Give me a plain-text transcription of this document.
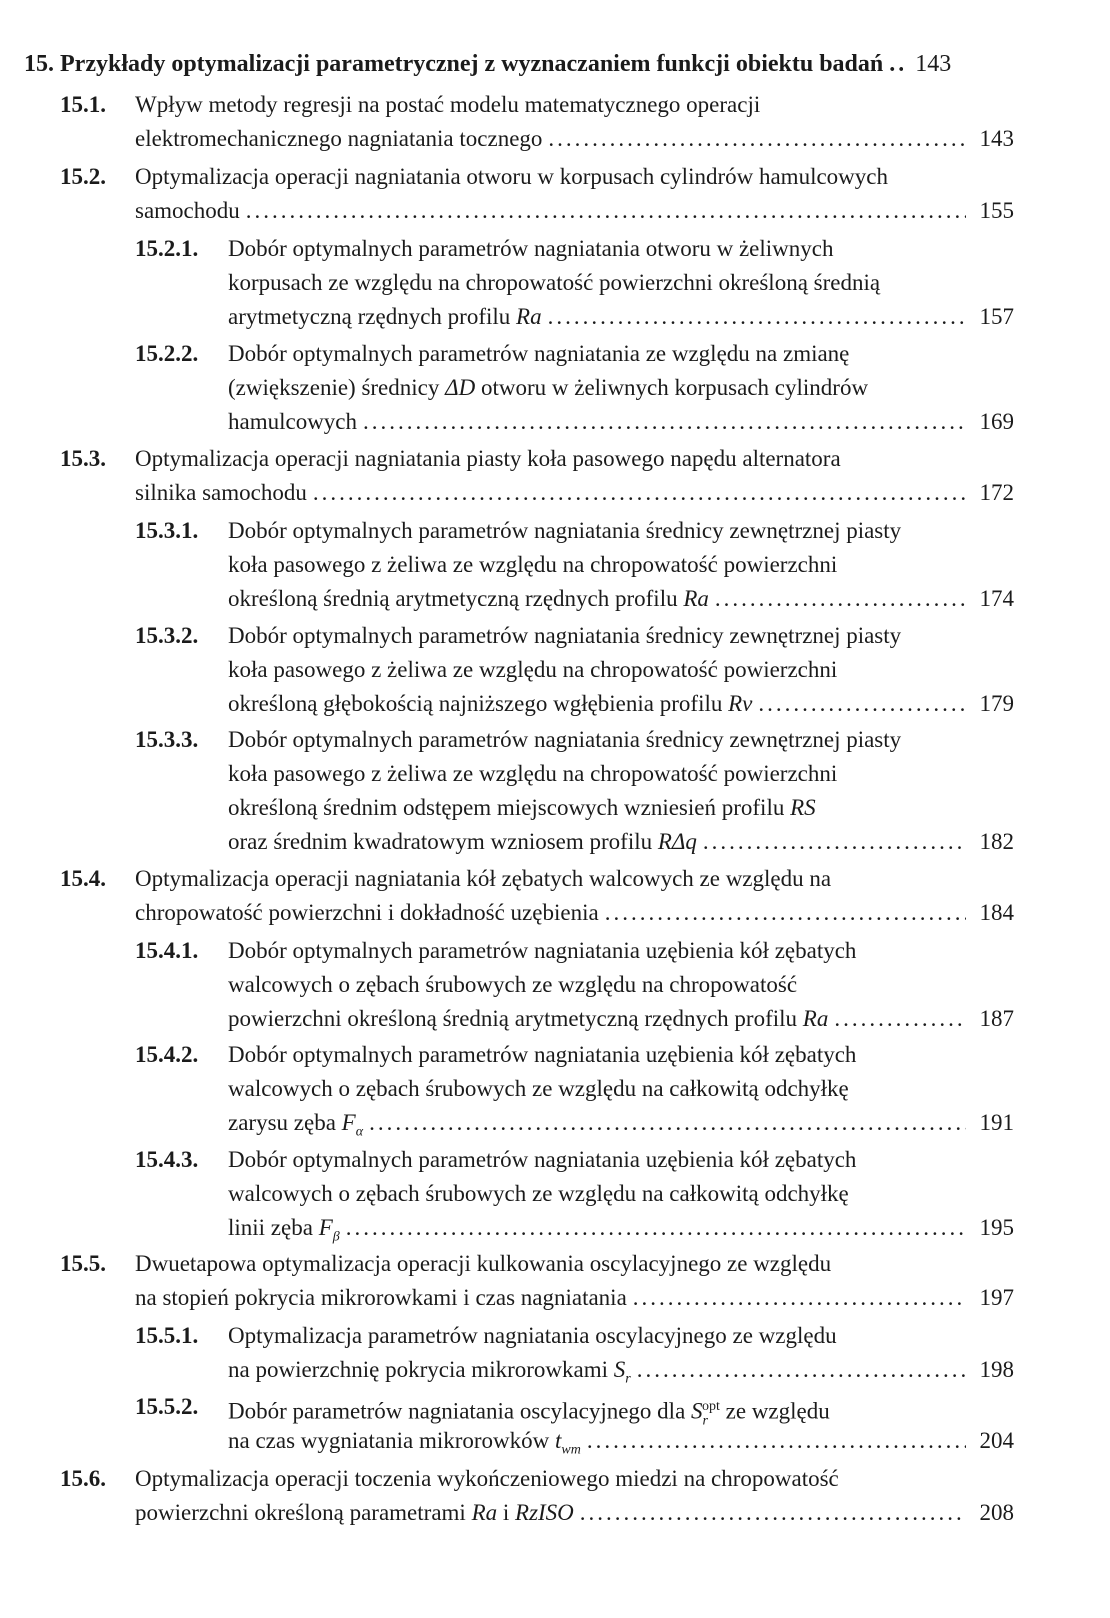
15. Przykłady optymalizacji parametrycznej z wyznaczaniem funkcji obiektu badań ..... 143
15.1. Wpływ metody regresji na postać modelu matematycznego operacji
elektromechanicznego nagniatania tocznego .....	143
15.2. Optymalizacja operacji nagniatania otworu w korpusach cylindrów hamulcowych
samochodu .....	155
15.2.1. Dobór optymalnych parametrów nagniatania otworu w żeliwnych
korpusach ze względu na chropowatość powierzchni określoną średnią
arytmetyczną rzędnych profilu Ra .....	157
15.2.2. Dobór optymalnych parametrów nagniatania ze względu na zmianę
(zwiększenie) średnicy ΔD otworu w żeliwnych korpusach cylindrów
hamulcowych .....	169
15.3. Optymalizacja operacji nagniatania piasty koła pasowego napędu alternatora
silnika samochodu .....	172
15.3.1. Dobór optymalnych parametrów nagniatania średnicy zewnętrznej piasty
koła pasowego z żeliwa ze względu na chropowatość powierzchni
określoną średnią arytmetyczną rzędnych profilu Ra .....	174
15.3.2. Dobór optymalnych parametrów nagniatania średnicy zewnętrznej piasty
koła pasowego z żeliwa ze względu na chropowatość powierzchni
określoną głębokością najniższego wgłębienia profilu Rv .....	179
15.3.3. Dobór optymalnych parametrów nagniatania średnicy zewnętrznej piasty
koła pasowego z żeliwa ze względu na chropowatość powierzchni
określoną średnim odstępem miejscowych wzniesień profilu RS
oraz średnim kwadratowym wzniosem profilu RΔq .....	182
15.4. Optymalizacja operacji nagniatania kół zębatych walcowych ze względu na
chropowatość powierzchni i dokładność uzębienia .....	184
15.4.1. Dobór optymalnych parametrów nagniatania uzębienia kół zębatych
walcowych o zębach śrubowych ze względu na chropowatość
powierzchni określoną średnią arytmetyczną rzędnych profilu Ra .....	187
15.4.2. Dobór optymalnych parametrów nagniatania uzębienia kół zębatych
walcowych o zębach śrubowych ze względu na całkowitą odchyłkę
zarysu zęba $F_\alpha$ .....	191
15.4.3. Dobór optymalnych parametrów nagniatania uzębienia kół zębatych
walcowych o zębach śrubowych ze względu na całkowitą odchyłkę
linii zęba $F_\beta$ .....	195
15.5. Dwuetapowa optymalizacja operacji kulkowania oscylacyjnego ze względu
na stopień pokrycia mikrorowkami i czas nagniatania .....	197
15.5.1. Optymalizacja parametrów nagniatania oscylacyjnego ze względu
na powierzchnię pokrycia mikrorowkami $S_r$ .....	198
15.5.2. Dobór parametrów nagniatania oscylacyjnego dla $S_r^{opt}$ ze względu
na czas wygniatania mikrorowków $t_{wm}$ .....	204
15.6. Optymalizacja operacji toczenia wykończeniowego miedzi na chropowatość
powierzchni określoną parametrami Ra i RzISO .....	208
